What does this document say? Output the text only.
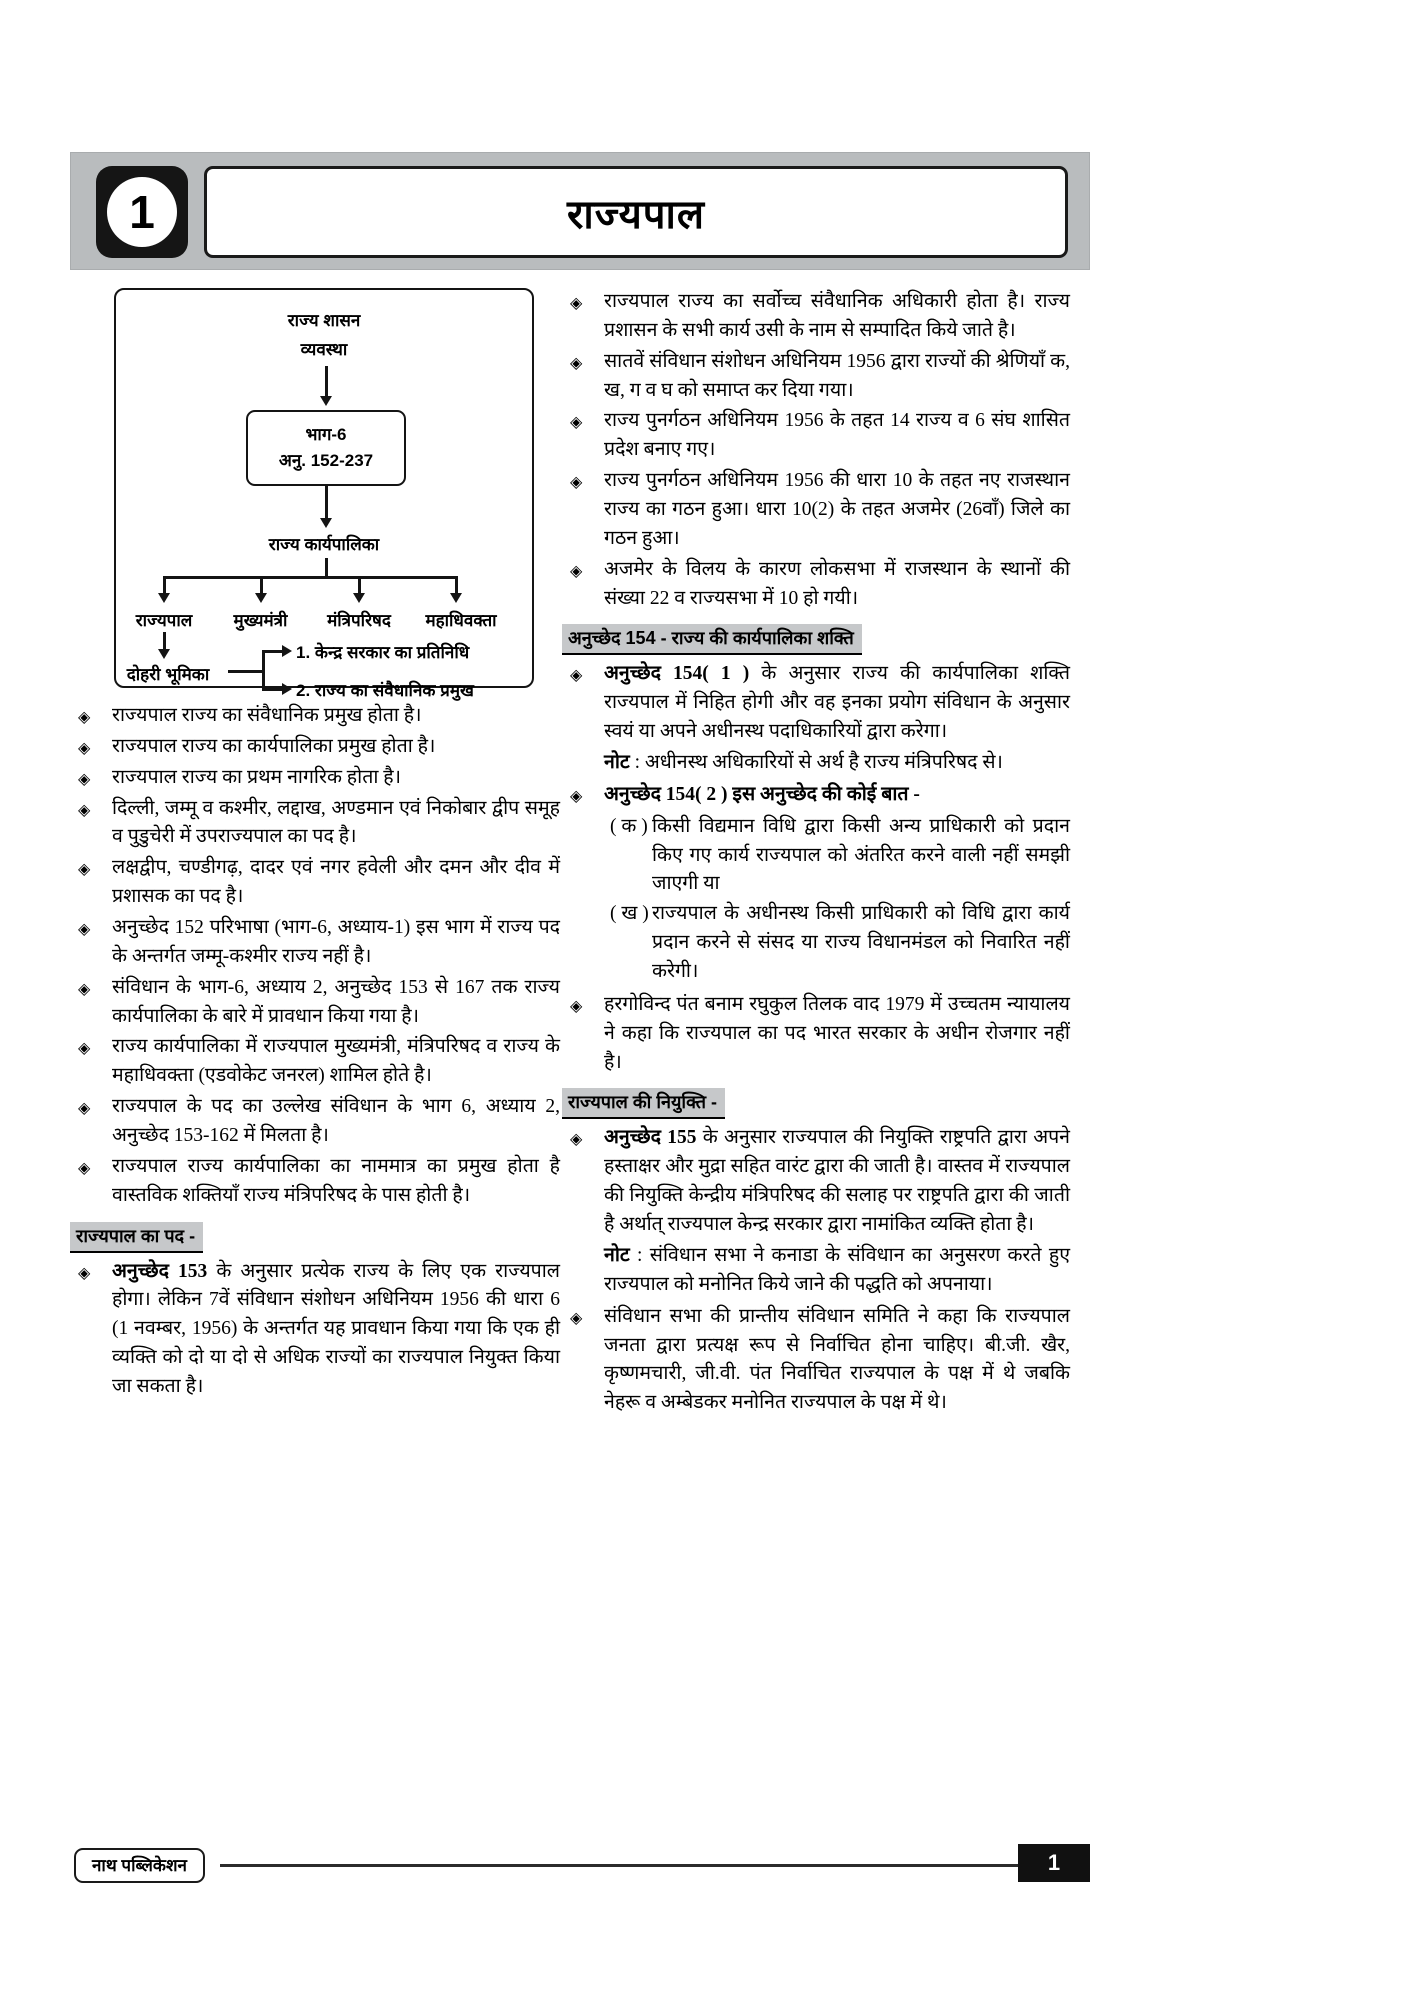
1	राज्यपाल
राज्य शासन
व्यवस्था
भाग-6
अनु. 152-237
राज्य कार्यपालिका
राज्यपाल	मुख्यमंत्री	मंत्रिपरिषद	महाधिवक्ता
दोहरी भूमिका
1. केन्द्र सरकार का प्रतिनिधि
2. राज्य का संवैधानिक प्रमुख
◈ राज्यपाल राज्य का संवैधानिक प्रमुख होता है।
◈ राज्यपाल राज्य का कार्यपालिका प्रमुख होता है।
◈ राज्यपाल राज्य का प्रथम नागरिक होता है।
◈ दिल्ली, जम्मू व कश्मीर, लद्दाख, अण्डमान एवं निकोबार द्वीप समूह व पुडुचेरी में उपराज्यपाल का पद है।
◈ लक्षद्वीप, चण्डीगढ़, दादर एवं नगर हवेली और दमन और दीव में प्रशासक का पद है।
◈ अनुच्छेद 152 परिभाषा (भाग-6, अध्याय-1) इस भाग में राज्य पद के अन्तर्गत जम्मू-कश्मीर राज्य नहीं है।
◈ संविधान के भाग-6, अध्याय 2, अनुच्छेद 153 से 167 तक राज्य कार्यपालिका के बारे में प्रावधान किया गया है।
◈ राज्य कार्यपालिका में राज्यपाल मुख्यमंत्री, मंत्रिपरिषद व राज्य के महाधिवक्ता (एडवोकेट जनरल) शामिल होते है।
◈ राज्यपाल के पद का उल्लेख संविधान के भाग 6, अध्याय 2, अनुच्छेद 153-162 में मिलता है।
◈ राज्यपाल राज्य कार्यपालिका का नाममात्र का प्रमुख होता है वास्तविक शक्तियाँ राज्य मंत्रिपरिषद के पास होती है।
राज्यपाल का पद -
◈ अनुच्छेद 153 के अनुसार प्रत्येक राज्य के लिए एक राज्यपाल होगा। लेकिन 7वें संविधान संशोधन अधिनियम 1956 की धारा 6 (1 नवम्बर, 1956) के अन्तर्गत यह प्रावधान किया गया कि एक ही व्यक्ति को दो या दो से अधिक राज्यों का राज्यपाल नियुक्त किया जा सकता है।
◈ राज्यपाल राज्य का सर्वोच्च संवैधानिक अधिकारी होता है। राज्य प्रशासन के सभी कार्य उसी के नाम से सम्पादित किये जाते है।
◈ सातवें संविधान संशोधन अधिनियम 1956 द्वारा राज्यों की श्रेणियाँ क, ख, ग व घ को समाप्त कर दिया गया।
◈ राज्य पुनर्गठन अधिनियम 1956 के तहत 14 राज्य व 6 संघ शासित प्रदेश बनाए गए।
◈ राज्य पुनर्गठन अधिनियम 1956 की धारा 10 के तहत नए राजस्थान राज्य का गठन हुआ। धारा 10(2) के तहत अजमेर (26वाँ) जिले का गठन हुआ।
◈ अजमेर के विलय के कारण लोकसभा में राजस्थान के स्थानों की संख्या 22 व राज्यसभा में 10 हो गयी।
अनुच्छेद 154 - राज्य की कार्यपालिका शक्ति
◈ अनुच्छेद 154( 1 ) के अनुसार राज्य की कार्यपालिका शक्ति राज्यपाल में निहित होगी और वह इनका प्रयोग संविधान के अनुसार स्वयं या अपने अधीनस्थ पदाधिकारियों द्वारा करेगा।
नोट : अधीनस्थ अधिकारियों से अर्थ है राज्य मंत्रिपरिषद से।
◈ अनुच्छेद 154( 2 ) इस अनुच्छेद की कोई बात -
( क ) किसी विद्यमान विधि द्वारा किसी अन्य प्राधिकारी को प्रदान किए गए कार्य राज्यपाल को अंतरित करने वाली नहीं समझी जाएगी या
( ख ) राज्यपाल के अधीनस्थ किसी प्राधिकारी को विधि द्वारा कार्य प्रदान करने से संसद या राज्य विधानमंडल को निवारित नहीं करेगी।
◈ हरगोविन्द पंत बनाम रघुकुल तिलक वाद 1979 में उच्चतम न्यायालय ने कहा कि राज्यपाल का पद भारत सरकार के अधीन रोजगार नहीं है।
राज्यपाल की नियुक्ति -
◈ अनुच्छेद 155 के अनुसार राज्यपाल की नियुक्ति राष्ट्रपति द्वारा अपने हस्ताक्षर और मुद्रा सहित वारंट द्वारा की जाती है। वास्तव में राज्यपाल की नियुक्ति केन्द्रीय मंत्रिपरिषद की सलाह पर राष्ट्रपति द्वारा की जाती है अर्थात् राज्यपाल केन्द्र सरकार द्वारा नामांकित व्यक्ति होता है।
नोट : संविधान सभा ने कनाडा के संविधान का अनुसरण करते हुए राज्यपाल को मनोनित किये जाने की पद्धति को अपनाया।
◈ संविधान सभा की प्रान्तीय संविधान समिति ने कहा कि राज्यपाल जनता द्वारा प्रत्यक्ष रूप से निर्वाचित होना चाहिए। बी.जी. खैर, कृष्णमचारी, जी.वी. पंत निर्वाचित राज्यपाल के पक्ष में थे जबकि नेहरू व अम्बेडकर मनोनित राज्यपाल के पक्ष में थे।
नाथ पब्लिकेशन	1
